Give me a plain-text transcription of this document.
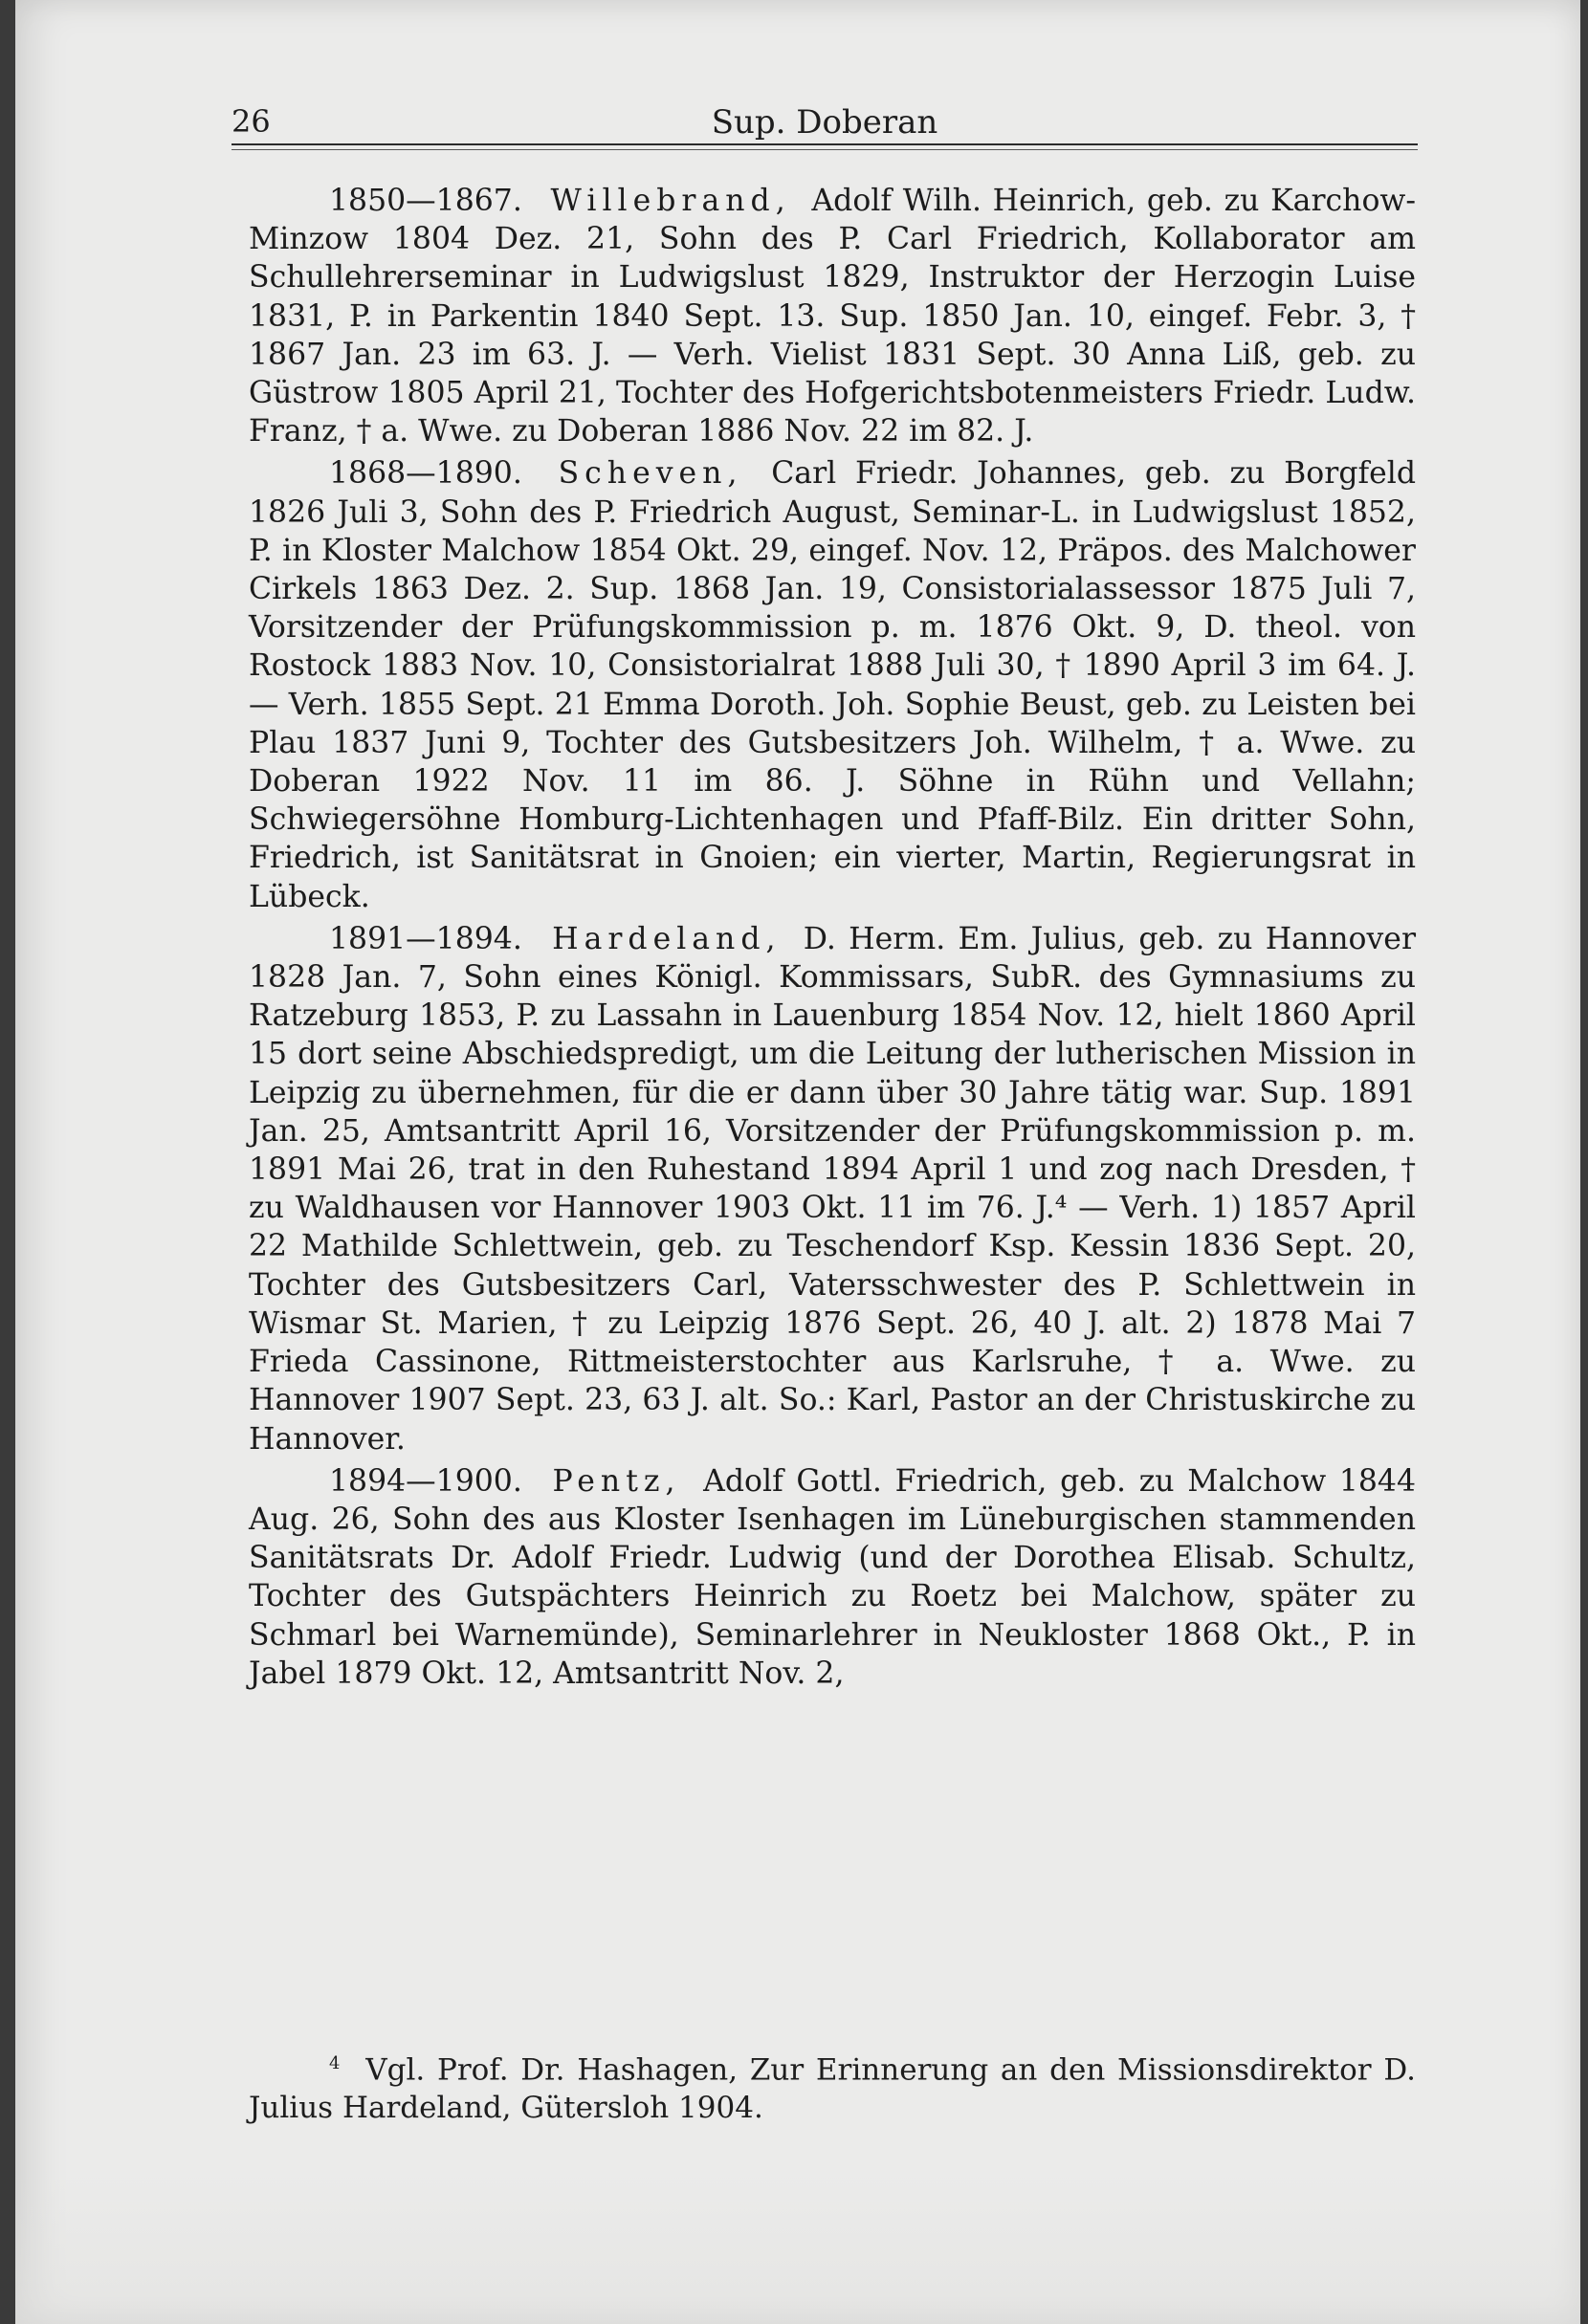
26	Sup. Doberan

1850—1867. Willebrand, Adolf Wilh. Heinrich, geb. zu Karchow-Minzow 1804 Dez. 21, Sohn des P. Carl Friedrich, Kollaborator am Schullehrerseminar in Ludwigslust 1829, Instruktor der Herzogin Luise 1831, P. in Parkentin 1840 Sept. 13. Sup. 1850 Jan. 10, eingef. Febr. 3, † 1867 Jan. 23 im 63. J. — Verh. Vielist 1831 Sept. 30 Anna Liß, geb. zu Güstrow 1805 April 21, Tochter des Hofgerichtsbotenmeisters Friedr. Ludw. Franz, † a. Wwe. zu Doberan 1886 Nov. 22 im 82. J.

1868—1890. Scheven, Carl Friedr. Johannes, geb. zu Borgfeld 1826 Juli 3, Sohn des P. Friedrich August, Seminar-L. in Ludwigslust 1852, P. in Kloster Malchow 1854 Okt. 29, eingef. Nov. 12, Präpos. des Malchower Cirkels 1863 Dez. 2. Sup. 1868 Jan. 19, Consistorialassessor 1875 Juli 7, Vorsitzender der Prüfungskommission p. m. 1876 Okt. 9, D. theol. von Rostock 1883 Nov. 10, Consistorialrat 1888 Juli 30, † 1890 April 3 im 64. J. — Verh. 1855 Sept. 21 Emma Doroth. Joh. Sophie Beust, geb. zu Leisten bei Plau 1837 Juni 9, Tochter des Gutsbesitzers Joh. Wilhelm, † a. Wwe. zu Doberan 1922 Nov. 11 im 86. J. Söhne in Rühn und Vellahn; Schwiegersöhne Homburg-Lichtenhagen und Pfaff-Bilz. Ein dritter Sohn, Friedrich, ist Sanitätsrat in Gnoien; ein vierter, Martin, Regierungsrat in Lübeck.

1891—1894. Hardeland, D. Herm. Em. Julius, geb. zu Hannover 1828 Jan. 7, Sohn eines Königl. Kommissars, SubR. des Gymnasiums zu Ratzeburg 1853, P. zu Lassahn in Lauenburg 1854 Nov. 12, hielt 1860 April 15 dort seine Abschiedspredigt, um die Leitung der lutherischen Mission in Leipzig zu übernehmen, für die er dann über 30 Jahre tätig war. Sup. 1891 Jan. 25, Amtsantritt April 16, Vorsitzender der Prüfungskommission p. m. 1891 Mai 26, trat in den Ruhestand 1894 April 1 und zog nach Dresden, † zu Waldhausen vor Hannover 1903 Okt. 11 im 76. J.⁴ — Verh. 1) 1857 April 22 Mathilde Schlettwein, geb. zu Teschendorf Ksp. Kessin 1836 Sept. 20, Tochter des Gutsbesitzers Carl, Vatersschwester des P. Schlettwein in Wismar St. Marien, † zu Leipzig 1876 Sept. 26, 40 J. alt. 2) 1878 Mai 7 Frieda Cassinone, Rittmeisterstochter aus Karlsruhe, † a. Wwe. zu Hannover 1907 Sept. 23, 63 J. alt. So.: Karl, Pastor an der Christuskirche zu Hannover.

1894—1900. Pentz, Adolf Gottl. Friedrich, geb. zu Malchow 1844 Aug. 26, Sohn des aus Kloster Isenhagen im Lüneburgischen stammenden Sanitätsrats Dr. Adolf Friedr. Ludwig (und der Dorothea Elisab. Schultz, Tochter des Gutspächters Heinrich zu Roetz bei Malchow, später zu Schmarl bei Warnemünde), Seminarlehrer in Neukloster 1868 Okt., P. in Jabel 1879 Okt. 12, Amtsantritt Nov. 2,

$^4$ Vgl. Prof. Dr. Hashagen, Zur Erinnerung an den Missionsdirektor D. Julius Hardeland, Gütersloh 1904.
